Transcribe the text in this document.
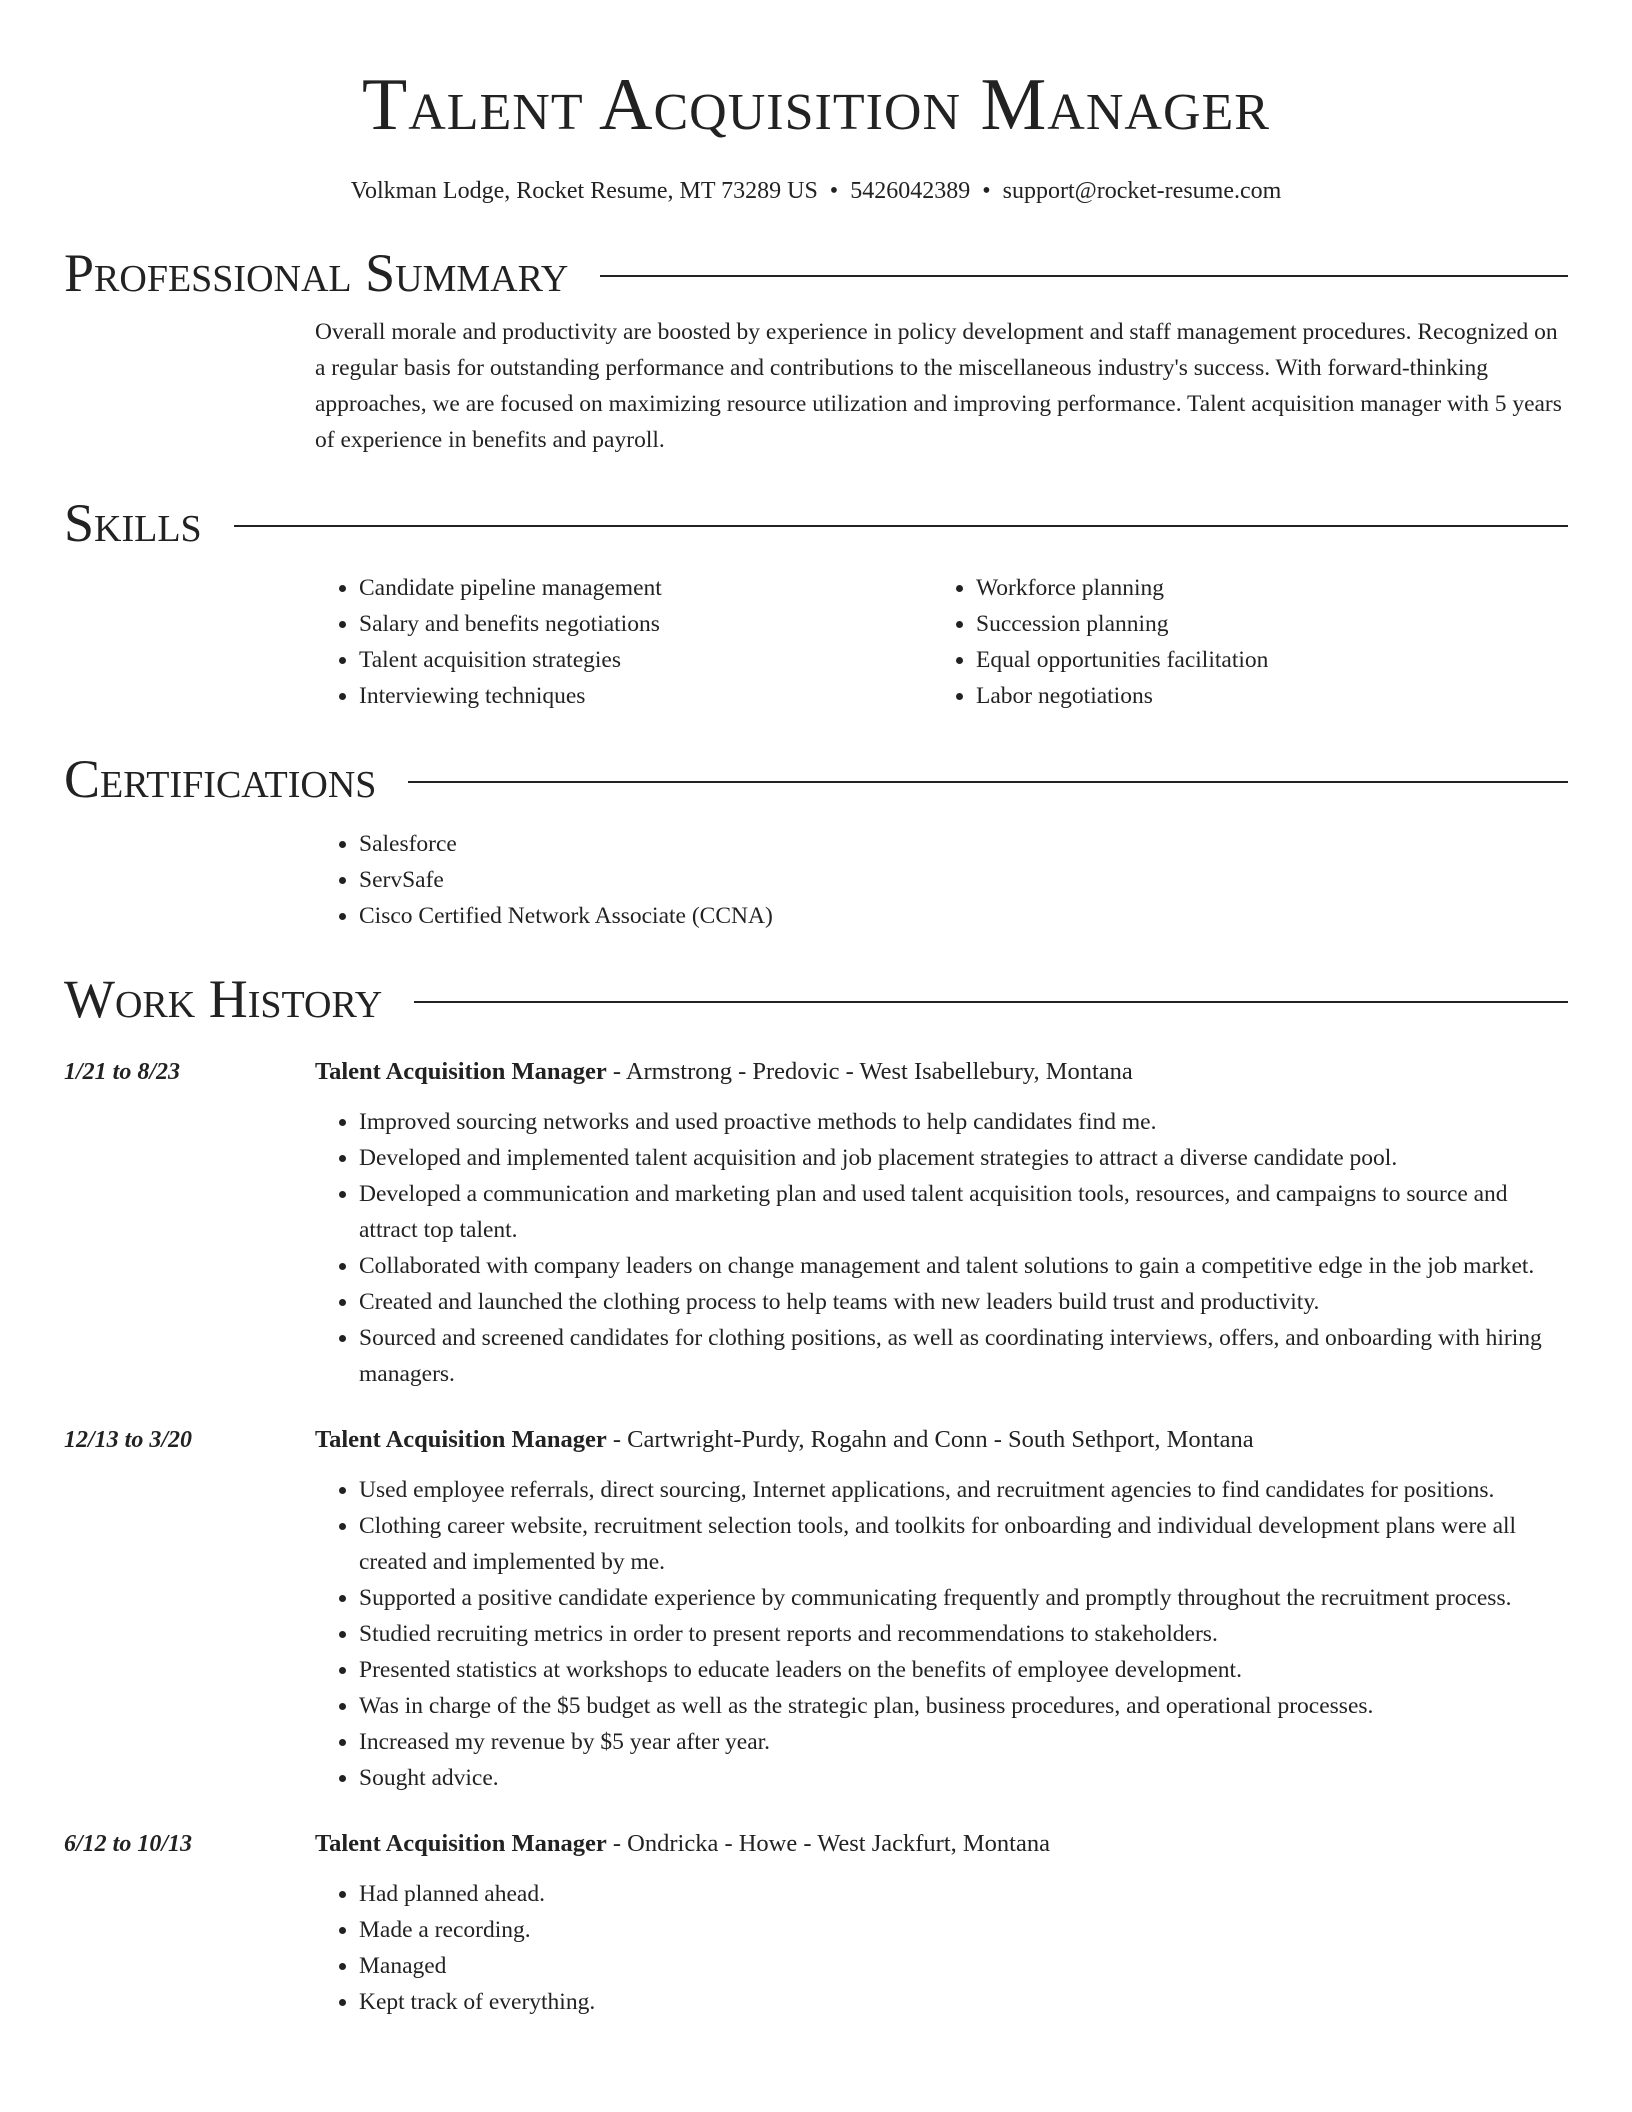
Talent Acquisition Manager
Volkman Lodge, Rocket Resume, MT 73289 US • 5426042389 • support@rocket-resume.com
Professional Summary
Overall morale and productivity are boosted by experience in policy development and staff management procedures. Recognized on a regular basis for outstanding performance and contributions to the miscellaneous industry's success. With forward-thinking approaches, we are focused on maximizing resource utilization and improving performance. Talent acquisition manager with 5 years of experience in benefits and payroll.
Skills
• Candidate pipeline management
• Salary and benefits negotiations
• Talent acquisition strategies
• Interviewing techniques
• Workforce planning
• Succession planning
• Equal opportunities facilitation
• Labor negotiations
Certifications
• Salesforce
• ServSafe
• Cisco Certified Network Associate (CCNA)
Work History
1/21 to 8/23	Talent Acquisition Manager - Armstrong - Predovic - West Isabellebury, Montana
• Improved sourcing networks and used proactive methods to help candidates find me.
• Developed and implemented talent acquisition and job placement strategies to attract a diverse candidate pool.
• Developed a communication and marketing plan and used talent acquisition tools, resources, and campaigns to source and attract top talent.
• Collaborated with company leaders on change management and talent solutions to gain a competitive edge in the job market.
• Created and launched the clothing process to help teams with new leaders build trust and productivity.
• Sourced and screened candidates for clothing positions, as well as coordinating interviews, offers, and onboarding with hiring managers.
12/13 to 3/20	Talent Acquisition Manager - Cartwright-Purdy, Rogahn and Conn - South Sethport, Montana
• Used employee referrals, direct sourcing, Internet applications, and recruitment agencies to find candidates for positions.
• Clothing career website, recruitment selection tools, and toolkits for onboarding and individual development plans were all created and implemented by me.
• Supported a positive candidate experience by communicating frequently and promptly throughout the recruitment process.
• Studied recruiting metrics in order to present reports and recommendations to stakeholders.
• Presented statistics at workshops to educate leaders on the benefits of employee development.
• Was in charge of the $5 budget as well as the strategic plan, business procedures, and operational processes.
• Increased my revenue by $5 year after year.
• Sought advice.
6/12 to 10/13	Talent Acquisition Manager - Ondricka - Howe - West Jackfurt, Montana
• Had planned ahead.
• Made a recording.
• Managed
• Kept track of everything.
